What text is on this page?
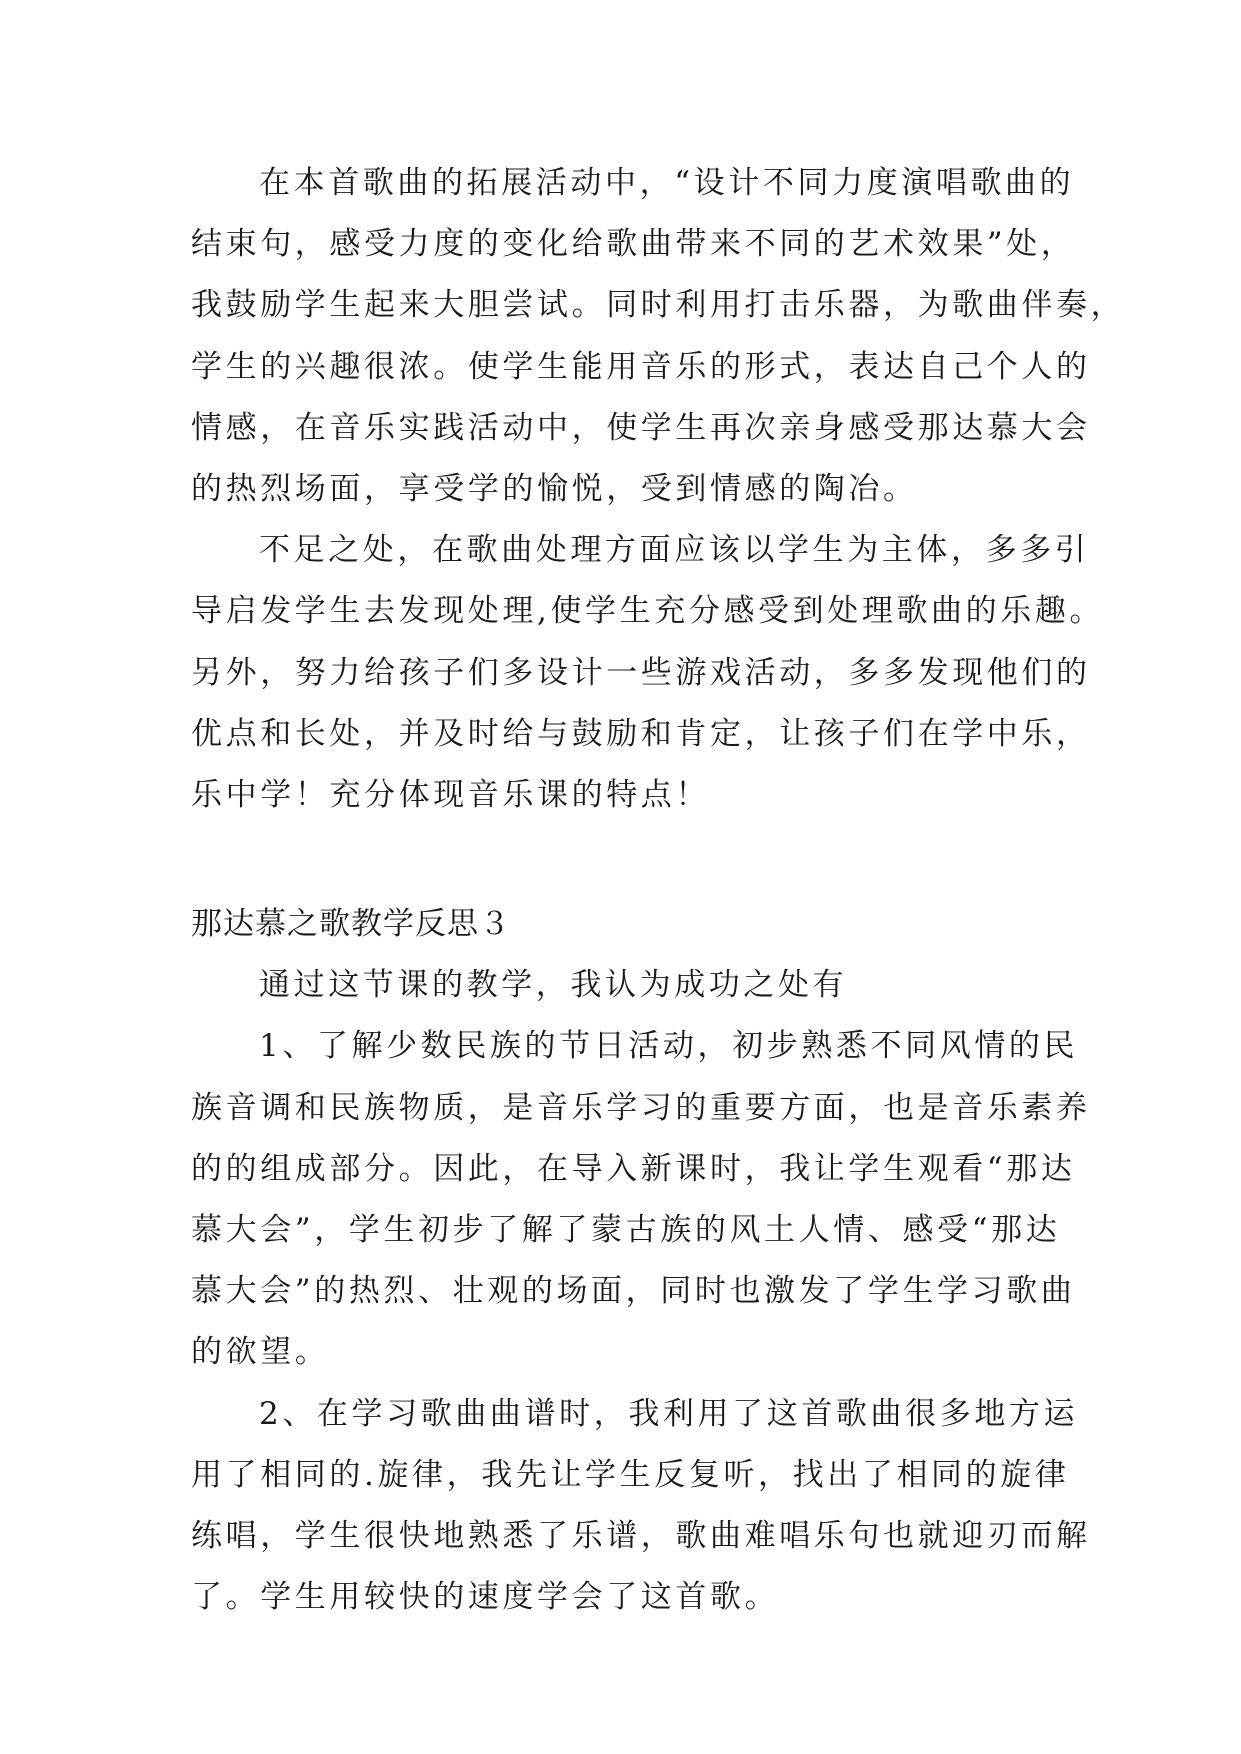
在本首歌曲的拓展活动中，“设计不同力度演唱歌曲的
结束句，感受力度的变化给歌曲带来不同的艺术效果”处，
我鼓励学生起来大胆尝试。同时利用打击乐器，为歌曲伴奏，
学生的兴趣很浓。使学生能用音乐的形式，表达自己个人的
情感，在音乐实践活动中，使学生再次亲身感受那达慕大会
的热烈场面，享受学的愉悦，受到情感的陶冶。
不足之处，在歌曲处理方面应该以学生为主体，多多引
导启发学生去发现处理,使学生充分感受到处理歌曲的乐趣。
另外，努力给孩子们多设计一些游戏活动，多多发现他们的
优点和长处，并及时给与鼓励和肯定，让孩子们在学中乐，
乐中学！充分体现音乐课的特点！
那达慕之歌教学反思３
通过这节课的教学，我认为成功之处有
1、了解少数民族的节日活动，初步熟悉不同风情的民
族音调和民族物质，是音乐学习的重要方面，也是音乐素养
的的组成部分。因此，在导入新课时，我让学生观看“那达
慕大会”，学生初步了解了蒙古族的风土人情、感受“那达
慕大会”的热烈、壮观的场面，同时也激发了学生学习歌曲
的欲望。
2、在学习歌曲曲谱时，我利用了这首歌曲很多地方运
用了相同的.旋律，我先让学生反复听，找出了相同的旋律
练唱，学生很快地熟悉了乐谱，歌曲难唱乐句也就迎刃而解
了。学生用较快的速度学会了这首歌。
